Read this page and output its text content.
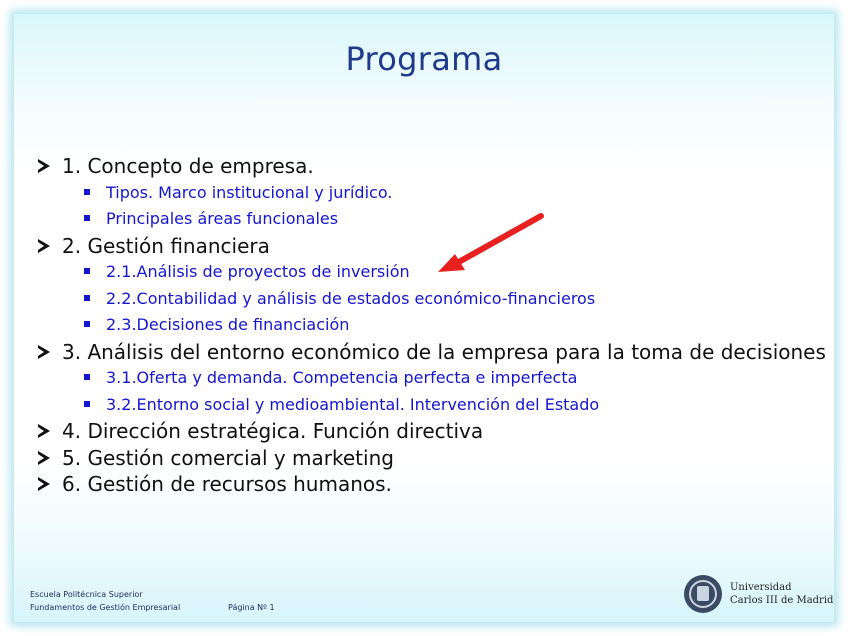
Programa
1. Concepto de empresa.
Tipos. Marco institucional y jurídico.
Principales áreas funcionales
2. Gestión financiera
2.1.Análisis de proyectos de inversión
2.2.Contabilidad y análisis de estados económico-financieros
2.3.Decisiones de financiación
3. Análisis del entorno económico de la empresa para la toma de decisiones
3.1.Oferta y demanda. Competencia perfecta e imperfecta
3.2.Entorno social y medioambiental. Intervención del Estado
4. Dirección estratégica. Función directiva
5. Gestión comercial y marketing
6. Gestión de recursos humanos.
Escuela Politécnica Superior
Fundamentos de Gestión Empresarial	Página Nº 1
Universidad
Carlos III de Madrid
